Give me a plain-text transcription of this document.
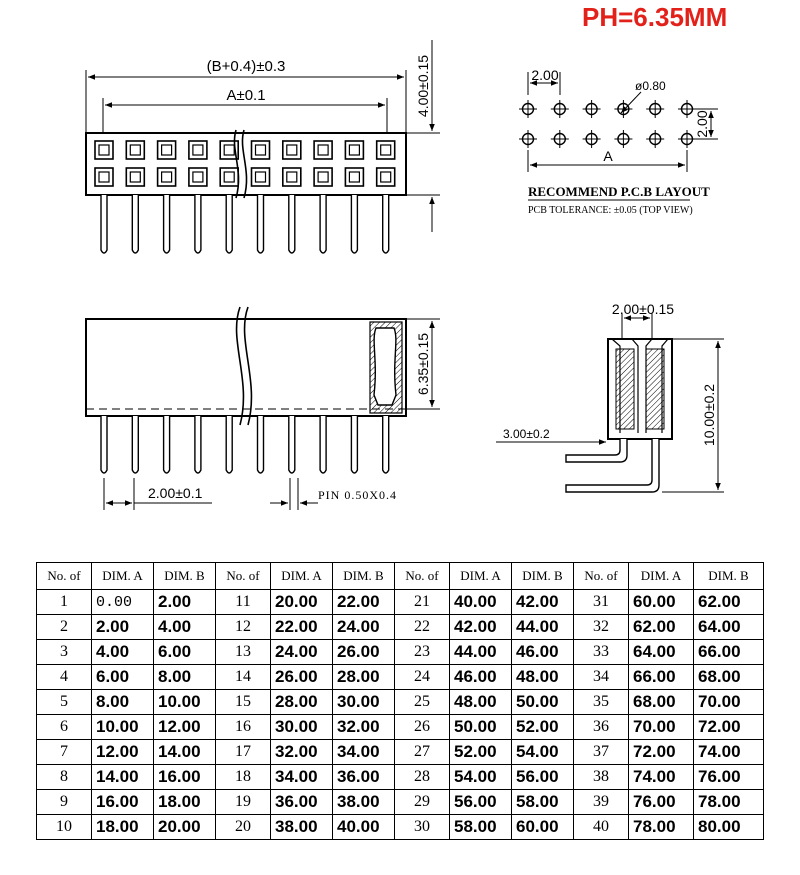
PH=6.35MM
(B+0.4)±0.3
A±0.1	4.00±0.15	2.00
ø0.80
2.00
A
RECOMMEND P.C.B LAYOUT
PCB TOLERANCE: ±0.05 (TOP VIEW)
6.35±0.15
2.00±0.1	PIN 0.50X0.4
2.00±0.15
10.00±0.2
3.00±0.2
No. of	DIM. A	DIM. B	No. of	DIM. A	DIM. B	No. of	DIM. A	DIM. B	No. of	DIM. A	DIM. B
1	0.00	2.00	11	20.00	22.00	21	40.00	42.00	31	60.00	62.00
2	2.00	4.00	12	22.00	24.00	22	42.00	44.00	32	62.00	64.00
3	4.00	6.00	13	24.00	26.00	23	44.00	46.00	33	64.00	66.00
4	6.00	8.00	14	26.00	28.00	24	46.00	48.00	34	66.00	68.00
5	8.00	10.00	15	28.00	30.00	25	48.00	50.00	35	68.00	70.00
6	10.00	12.00	16	30.00	32.00	26	50.00	52.00	36	70.00	72.00
7	12.00	14.00	17	32.00	34.00	27	52.00	54.00	37	72.00	74.00
8	14.00	16.00	18	34.00	36.00	28	54.00	56.00	38	74.00	76.00
9	16.00	18.00	19	36.00	38.00	29	56.00	58.00	39	76.00	78.00
10	18.00	20.00	20	38.00	40.00	30	58.00	60.00	40	78.00	80.00
